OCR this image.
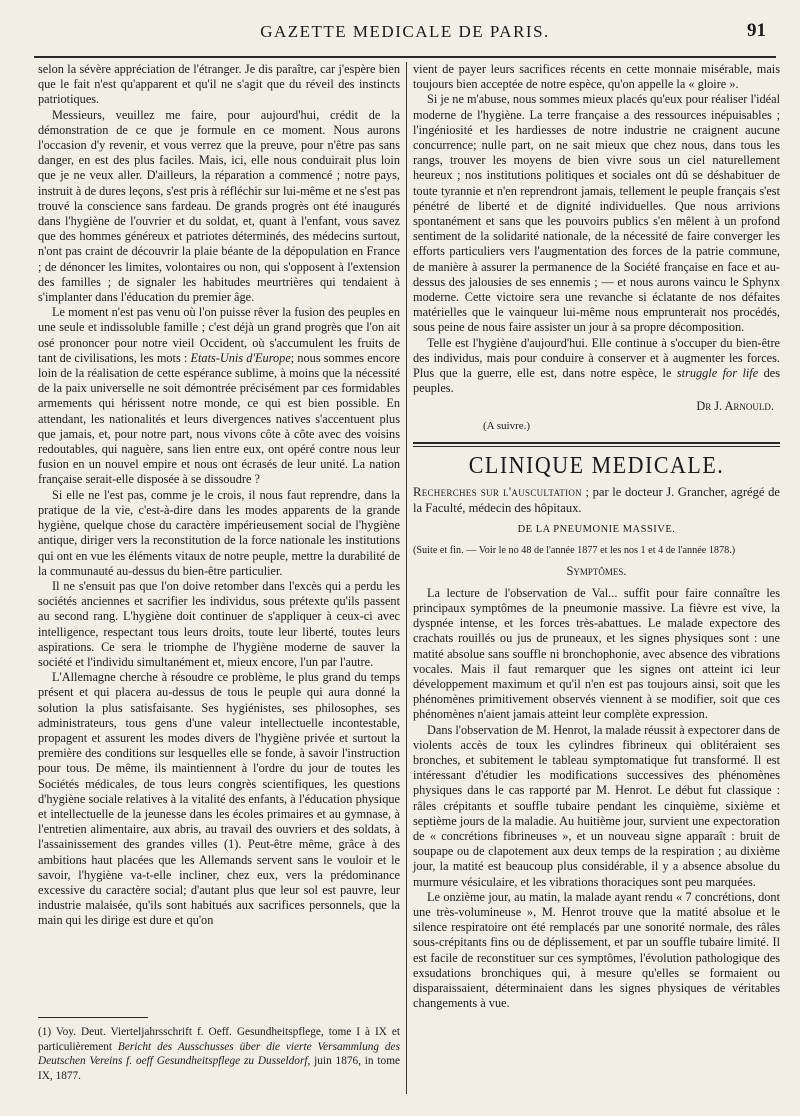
GAZETTE MEDICALE DE PARIS.	91

selon la sévère appréciation de l'étranger. Je dis paraître, car j'espère bien que le fait n'est qu'apparent et qu'il ne s'agit que du réveil des instincts patriotiques.

Messieurs, veuillez me faire, pour aujourd'hui, crédit de la démonstration de ce que je formule en ce moment. Nous aurons l'occasion d'y revenir, et vous verrez que la preuve, pour n'être pas sans danger, en est des plus faciles. Mais, ici, elle nous conduirait plus loin que je ne veux aller. D'ailleurs, la réparation a commencé ; notre pays, instruit à de dures leçons, s'est pris à réfléchir sur lui-même et ne s'est pas trouvé la conscience sans fardeau. De grands progrès ont été inaugurés dans l'hygiène de l'ouvrier et du soldat, et, quant à l'enfant, vous savez que des hommes généreux et patriotes déterminés, des médecins surtout, n'ont pas craint de découvrir la plaie béante de la dépopulation en France ; de dénoncer les limites, volontaires ou non, qui s'opposent à l'extension des familles ; de signaler les habitudes meurtrières qui tendaient à s'implanter dans l'éducation du premier âge.

Le moment n'est pas venu où l'on puisse rêver la fusion des peuples en une seule et indissoluble famille ; c'est déjà un grand progrès que l'on ait osé prononcer pour notre vieil Occident, où s'accumulent les fruits de tant de civilisations, les mots : Etats-Unis d'Europe; nous sommes encore loin de la réalisation de cette espérance sublime, à moins que la nécessité de la paix universelle ne soit démontrée précisément par ces formidables armements qui hérissent notre monde, ce qui est bien possible. En attendant, les nationalités et leurs divergences natives s'accentuent plus que jamais, et, pour notre part, nous vivons côte à côte avec des voisins redoutables, qui naguère, sans lien entre eux, ont opéré contre nous leur fusion en un nouvel empire et nous ont écrasés de leur unité. La nation française serait-elle disposée à se dissoudre ?

Si elle ne l'est pas, comme je le crois, il nous faut reprendre, dans la pratique de la vie, c'est-à-dire dans les modes apparents de la grande hygiène, quelque chose du caractère impérieusement social de l'hygiène antique, diriger vers la reconstitution de la force nationale les institutions qui ont en vue les éléments vitaux de notre peuple, mettre la durabilité de la communauté au-dessus du bien-être particulier.

Il ne s'ensuit pas que l'on doive retomber dans l'excès qui a perdu les sociétés anciennes et sacrifier les individus, sous prétexte qu'ils passent au second rang. L'hygiène doit continuer de s'appliquer à ceux-ci avec intelligence, respectant tous leurs droits, toute leur liberté, toutes leurs aspirations. Ce sera le triomphe de l'hygiène moderne de sauver la société et l'individu simultanément et, mieux encore, l'un par l'autre.

L'Allemagne cherche à résoudre ce problème, le plus grand du temps présent et qui placera au-dessus de tous le peuple qui aura donné la solution la plus satisfaisante. Ses hygiénistes, ses philosophes, ses administrateurs, tous gens d'une valeur intellectuelle incontestable, propagent et assurent les modes divers de l'hygiène privée et surtout la première des conditions sur lesquelles elle se fonde, à savoir l'instruction pour tous. De même, ils maintiennent à l'ordre du jour de toutes les Sociétés médicales, de tous leurs congrès scientifiques, les questions d'hygiène sociale relatives à la vitalité des enfants, à l'éducation physique et intellectuelle de la jeunesse dans les écoles primaires et au gymnase, à l'entretien alimentaire, aux abris, au travail des ouvriers et des soldats, à l'assainissement des grandes villes (1). Peut-être même, grâce à des ambitions haut placées que les Allemands servent sans le vouloir et le savoir, l'hygiène va-t-elle incliner, chez eux, vers la prédominance excessive du caractère social; d'autant plus que leur sol est pauvre, leur industrie malaisée, qu'ils sont habitués aux sacrifices personnels, que la main qui les dirige est dure et qu'on

vient de payer leurs sacrifices récents en cette monnaie misérable, mais toujours bien acceptée de notre espèce, qu'on appelle la « gloire ».

Si je ne m'abuse, nous sommes mieux placés qu'eux pour réaliser l'idéal moderne de l'hygiène. La terre française a des ressources inépuisables ; l'ingéniosité et les hardiesses de notre industrie ne craignent aucune concurrence; nulle part, on ne sait mieux que chez nous, dans tous les rangs, trouver les moyens de bien vivre sous un ciel naturellement heureux ; nos institutions politiques et sociales ont dû se déshabituer de toute tyrannie et n'en reprendront jamais, tellement le peuple français s'est pénétré de liberté et de dignité individuelles. Que nous arrivions spontanément et sans que les pouvoirs publics s'en mêlent à un profond sentiment de la solidarité nationale, de la nécessité de faire converger les efforts particuliers vers l'augmentation des forces de la patrie commune, de manière à assurer la permanence de la Société française en face et au-dessus des jalousies de ses ennemis ; — et nous aurons vaincu le Sphynx moderne. Cette victoire sera une revanche si éclatante de nos défaites matérielles que le vainqueur lui-même nous emprunterait nos procédés, sous peine de nous faire assister un jour à sa propre décomposition.

Telle est l'hygiène d'aujourd'hui. Elle continue à s'occuper du bien-être des individus, mais pour conduire à conserver et à augmenter les forces. Plus que la guerre, elle est, dans notre espèce, le struggle for life des peuples.

Dr J. Arnould.

(A suivre.)

CLINIQUE MEDICALE.

Recherches sur l'auscultation ; par le docteur J. Grancher, agrégé de la Faculté, médecin des hôpitaux.

DE LA PNEUMONIE MASSIVE.

(Suite et fin. — Voir le no 48 de l'année 1877 et les nos 1 et 4 de l'année 1878.)

Symptômes.

La lecture de l'observation de Val... suffit pour faire connaître les principaux symptômes de la pneumonie massive. La fièvre est vive, la dyspnée intense, et les forces très-abattues. Le malade expectore des crachats rouillés ou jus de pruneaux, et les signes physiques sont : une matité absolue sans souffle ni bronchophonie, avec absence des vibrations vocales. Mais il faut remarquer que les signes ont atteint ici leur développement maximum et qu'il n'en est pas toujours ainsi, soit que les phénomènes primitivement observés viennent à se modifier, soit que ces phénomènes n'aient jamais atteint leur complète expression.

Dans l'observation de M. Henrot, la malade réussit à expectorer dans de violents accès de toux les cylindres fibrineux qui oblitéraient ses bronches, et subitement le tableau symptomatique fut transformé. Il est intéressant d'étudier les modifications successives des phénomènes physiques dans le cas rapporté par M. Henrot. Le début fut classique : râles crépitants et souffle tubaire pendant les cinquième, sixième et septième jours de la maladie. Au huitième jour, survient une expectoration de « concrétions fibrineuses », et un nouveau signe apparaît : bruit de soupape ou de clapotement aux deux temps de la respiration ; au dixième jour, la matité est beaucoup plus considérable, il y a absence absolue du murmure vésiculaire, et les vibrations thoraciques sont peu marquées.

Le onzième jour, au matin, la malade ayant rendu « 7 concrétions, dont une très-volumineuse », M. Henrot trouve que la matité absolue et le silence respiratoire ont été remplacés par une sonorité normale, des râles sous-crépitants fins ou de déplissement, et par un souffle tubaire limité. Il est facile de reconstituer sur ces symptômes, l'évolution pathologique des exsudations bronchiques qui, à mesure qu'elles se formaient ou disparaissaient, déterminaient dans les signes physiques de véritables changements à vue.

(1) Voy. Deut. Vierteljahrsschrift f. Oeff. Gesundheitspflege, tome I à IX et particulièrement Bericht des Ausschusses über die vierte Versammlung des Deutschen Vereins f. oeff Gesundheitspflege zu Dusseldorf, juin 1876, in tome IX, 1877.
